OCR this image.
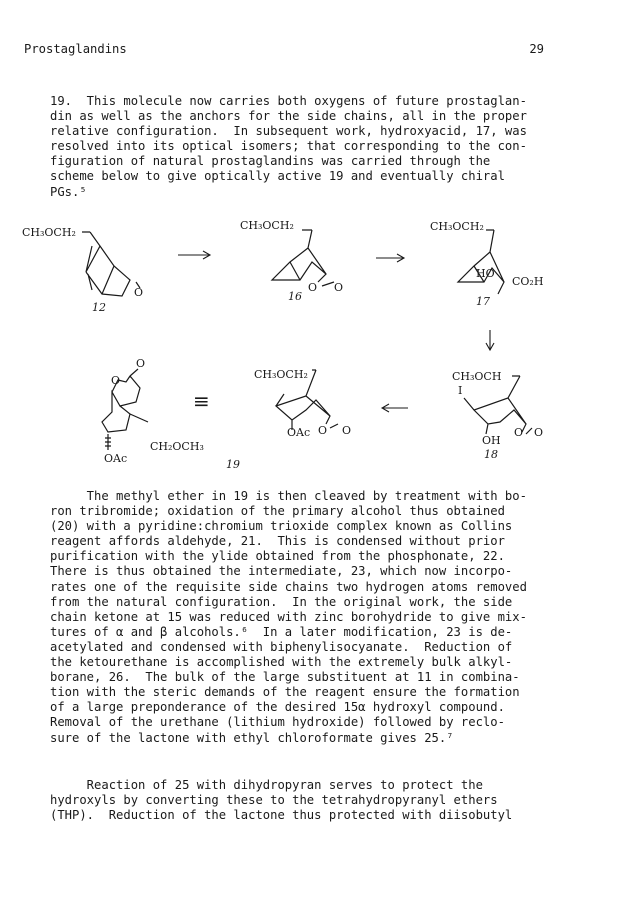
Prostaglandins	29
19.  This molecule now carries both oxygens of future prostaglan-
din as well as the anchors for the side chains, all in the proper
relative configuration.  In subsequent work, hydroxyacid, 17, was
resolved into its optical isomers; that corresponding to the con-
figuration of natural prostaglandins was carried through the
scheme below to give optically active 19 and eventually chiral
PGs.⁵
CH₃OCH₂
O
12
CH₃OCH₂
O O
16
CH₃OCH₂
HO
CO₂H
17
CH₃OCH
I
OH
O O
18
CH₃OCH₂
OAc O O
≡
O
O
CH₂OCH₃
OAc	19
The methyl ether in 19 is then cleaved by treatment with bo-
ron tribromide; oxidation of the primary alcohol thus obtained
(20) with a pyridine:chromium trioxide complex known as Collins
reagent affords aldehyde, 21.  This is condensed without prior
purification with the ylide obtained from the phosphonate, 22.
There is thus obtained the intermediate, 23, which now incorpo-
rates one of the requisite side chains two hydrogen atoms removed
from the natural configuration.  In the original work, the side
chain ketone at 15 was reduced with zinc borohydride to give mix-
tures of α and β alcohols.⁶  In a later modification, 23 is de-
acetylated and condensed with biphenylisocyanate.  Reduction of
the ketourethane is accomplished with the extremely bulk alkyl-
borane, 26.  The bulk of the large substituent at 11 in combina-
tion with the steric demands of the reagent ensure the formation
of a large preponderance of the desired 15α hydroxyl compound.
Removal of the urethane (lithium hydroxide) followed by reclo-
sure of the lactone with ethyl chloroformate gives 25.⁷
Reaction of 25 with dihydropyran serves to protect the
hydroxyls by converting these to the tetrahydropyranyl ethers
(THP).  Reduction of the lactone thus protected with diisobutyl
